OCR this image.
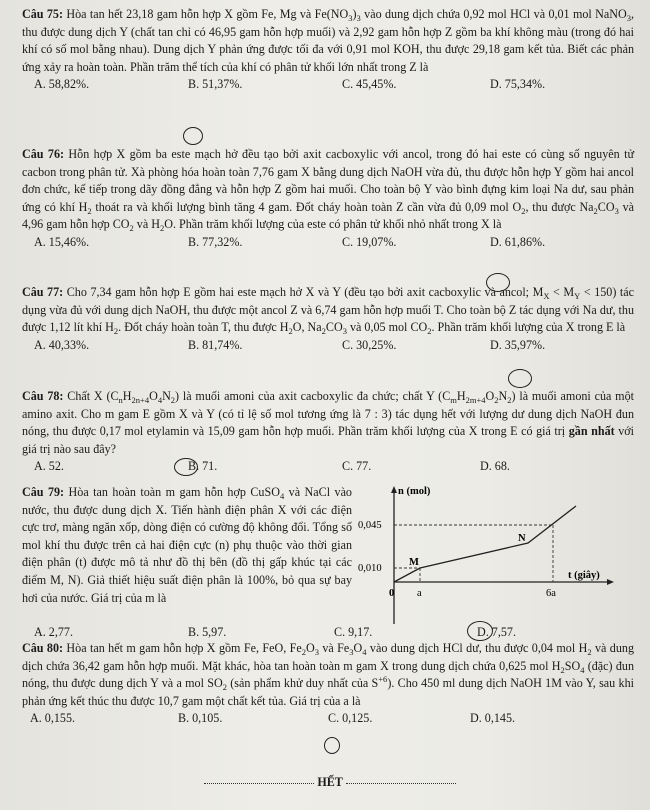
Câu 75: Hòa tan hết 23,18 gam hỗn hợp X gồm Fe, Mg và $Fe(NO_3)_3$ vào dung dịch chứa 0,92 mol HCl và 0,01 mol NaNO$_3$, thu được dung dịch Y (chất tan chỉ có 46,95 gam hỗn hợp muối) và 2,92 gam hỗn hợp Z gồm ba khí không màu (trong đó hai khí có số mol bằng nhau). Dung dịch Y phản ứng được tối đa với 0,91 mol KOH, thu được 29,18 gam kết tủa. Biết các phản ứng xảy ra hoàn toàn. Phần trăm thể tích của khí có phân tử khối lớn nhất trong Z là

A. 58,82%.	B. 51,37%.	C. 45,45%.	D. 75,34%.

Câu 76: Hỗn hợp X gồm ba este mạch hở đều tạo bởi axit cacboxylic với ancol, trong đó hai este có cùng số nguyên tử cacbon trong phân tử. Xà phòng hóa hoàn toàn 7,76 gam X bằng dung dịch NaOH vừa đủ, thu được hỗn hợp Y gồm hai ancol đơn chức, kế tiếp trong dãy đồng đẳng và hỗn hợp Z gồm hai muối. Cho toàn bộ Y vào bình đựng kim loại Na dư, sau phản ứng có khí $H_2$ thoát ra và khối lượng bình tăng 4 gam. Đốt cháy hoàn toàn Z cần vừa đủ 0,09 mol $O_2$, thu được $Na_2CO_3$ và 4,96 gam hỗn hợp $CO_2$ và $H_2O$. Phần trăm khối lượng của este có phân tử khối nhỏ nhất trong X là

A. 15,46%.	B. 77,32%.	C. 19,07%.	D. 61,86%.

Câu 77: Cho 7,34 gam hỗn hợp E gồm hai este mạch hở X và Y (đều tạo bởi axit cacboxylic và ancol; $M_X < M_Y < 150$) tác dụng vừa đủ với dung dịch NaOH, thu được một ancol Z và 6,74 gam hỗn hợp muối T. Cho toàn bộ Z tác dụng với Na dư, thu được 1,12 lít khí $H_2$. Đốt cháy hoàn toàn T, thu được $H_2O$, $Na_2CO_3$ và 0,05 mol $CO_2$. Phần trăm khối lượng của X trong E là

A. 40,33%.	B. 81,74%.	C. 30,25%.	D. 35,97%.

Câu 78: Chất X $(C_nH_{2n+4}O_4N_2)$ là muối amoni của axit cacboxylic đa chức; chất Y $(C_mH_{2m+4}O_2N_2)$ là muối amoni của một amino axit. Cho m gam E gồm X và Y (có tỉ lệ số mol tương ứng là 7 : 3) tác dụng hết với lượng dư dung dịch NaOH đun nóng, thu được 0,17 mol etylamin và 15,09 gam hỗn hợp muối. Phần trăm khối lượng của X trong E có giá trị gần nhất với giá trị nào sau đây?

A. 52.	B. 71.	C. 77.	D. 68.

Câu 79: Hòa tan hoàn toàn m gam hỗn hợp CuSO$_4$ và NaCl vào nước, thu được dung dịch X. Tiến hành điện phân X với các điện cực trơ, màng ngăn xốp, dòng điện có cường độ không đổi. Tổng số mol khí thu được trên cả hai điện cực (n) phụ thuộc vào thời gian điện phân (t) được mô tả như đồ thị bên (đồ thị gấp khúc tại các điểm M, N). Giả thiết hiệu suất điện phân là 100%, bỏ qua sự bay hơi của nước. Giá trị của m là

A. 2,77.	B. 5,97.	C. 9,17.	D. 7,57.
n (mol)
t (giây)
0,045
0,010
0 a	6a
M
N

Câu 80: Hòa tan hết m gam hỗn hợp X gồm Fe, FeO, $Fe_2O_3$ và $Fe_3O_4$ vào dung dịch HCl dư, thu được 0,04 mol $H_2$ và dung dịch chứa 36,42 gam hỗn hợp muối. Mặt khác, hòa tan hoàn toàn m gam X trong dung dịch chứa 0,625 mol $H_2SO_4$ (đặc) đun nóng, thu được dung dịch Y và a mol $SO_2$ (sản phẩm khử duy nhất của $S^{+6}$). Cho 450 ml dung dịch NaOH 1M vào Y, sau khi phản ứng kết thúc thu được 10,7 gam một chất kết tủa. Giá trị của a là

A. 0,155.	B. 0,105.	C. 0,125.	D. 0,145.
HẾT
